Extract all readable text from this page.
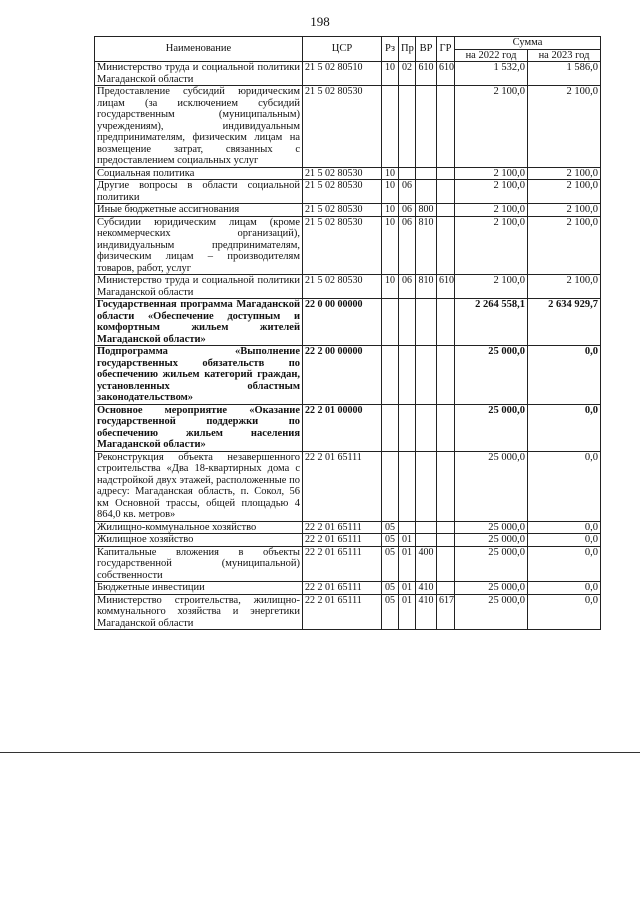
198
Наименование	ЦСР	Рз	Пр	ВР	ГР	Сумма	
						на 2022 год	на 2023 год
Министерство труда и социальной политики Магаданской области	21 5 02 80510	10	02	610	610	1 532,0	1 586,0
Предоставление субсидий юридическим лицам (за исключением субсидий государственным (муниципальным) учреждениям), индивидуальным предпринимателям, физическим лицам на возмещение затрат, связанных с предоставлением социальных услуг	21 5 02 80530					2 100,0	2 100,0
Социальная политика	21 5 02 80530	10				2 100,0	2 100,0
Другие вопросы в области социальной политики	21 5 02 80530	10	06			2 100,0	2 100,0
Иные бюджетные ассигнования	21 5 02 80530	10	06	800		2 100,0	2 100,0
Субсидии юридическим лицам (кроме некоммерческих организаций), индивидуальным предпринимателям, физическим лицам – производителям товаров, работ, услуг	21 5 02 80530	10	06	810		2 100,0	2 100,0
Министерство труда и социальной политики Магаданской области	21 5 02 80530	10	06	810	610	2 100,0	2 100,0
Государственная программа Магаданской области «Обеспечение доступным и комфортным жильем жителей Магаданской области»	22 0 00 00000					2 264 558,1	2 634 929,7
Подпрограмма «Выполнение государственных обязательств по обеспечению жильем категорий граждан, установленных областным законодательством»	22 2 00 00000					25 000,0	0,0
Основное мероприятие «Оказание государственной поддержки по обеспечению жильем населения Магаданской области»	22 2 01 00000					25 000,0	0,0
Реконструкция объекта незавершенного строительства «Два 18-квартирных дома с надстройкой двух этажей, расположенные по адресу: Магаданская область, п. Сокол, 56 км Основной трассы, общей площадью 4 864,0 кв. метров»	22 2 01 65111					25 000,0	0,0
Жилищно-коммунальное хозяйство	22 2 01 65111	05				25 000,0	0,0
Жилищное хозяйство	22 2 01 65111	05	01			25 000,0	0,0
Капитальные вложения в объекты государственной (муниципальной) собственности	22 2 01 65111	05	01	400		25 000,0	0,0
Бюджетные инвестиции	22 2 01 65111	05	01	410		25 000,0	0,0
Министерство строительства, жилищно-коммунального хозяйства и энергетики Магаданской области	22 2 01 65111	05	01	410	617	25 000,0	0,0
